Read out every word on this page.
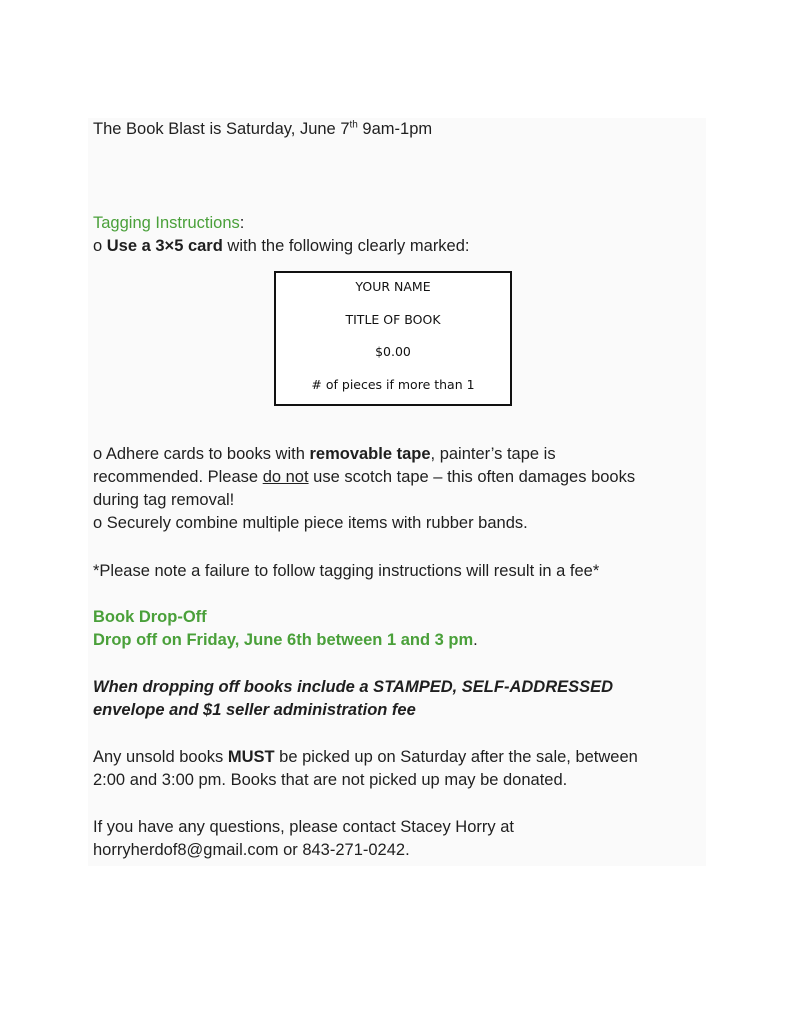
The Book Blast is Saturday, June 7th 9am-1pm
Tagging Instructions:
o Use a 3×5 card with the following clearly marked:
YOUR NAME
TITLE OF BOOK
$0.00
# of pieces if more than 1
o Adhere cards to books with removable tape, painter’s tape is
recommended. Please do not use scotch tape – this often damages books
during tag removal!
o Securely combine multiple piece items with rubber bands.
*Please note a failure to follow tagging instructions will result in a fee*
Book Drop-Off
Drop off on Friday, June 6th between 1 and 3 pm.
When dropping off books include a STAMPED, SELF-ADDRESSED
envelope and $1 seller administration fee
Any unsold books MUST be picked up on Saturday after the sale, between
2:00 and 3:00 pm. Books that are not picked up may be donated.
If you have any questions, please contact Stacey Horry at
horryherdof8@gmail.com or 843-271-0242.
